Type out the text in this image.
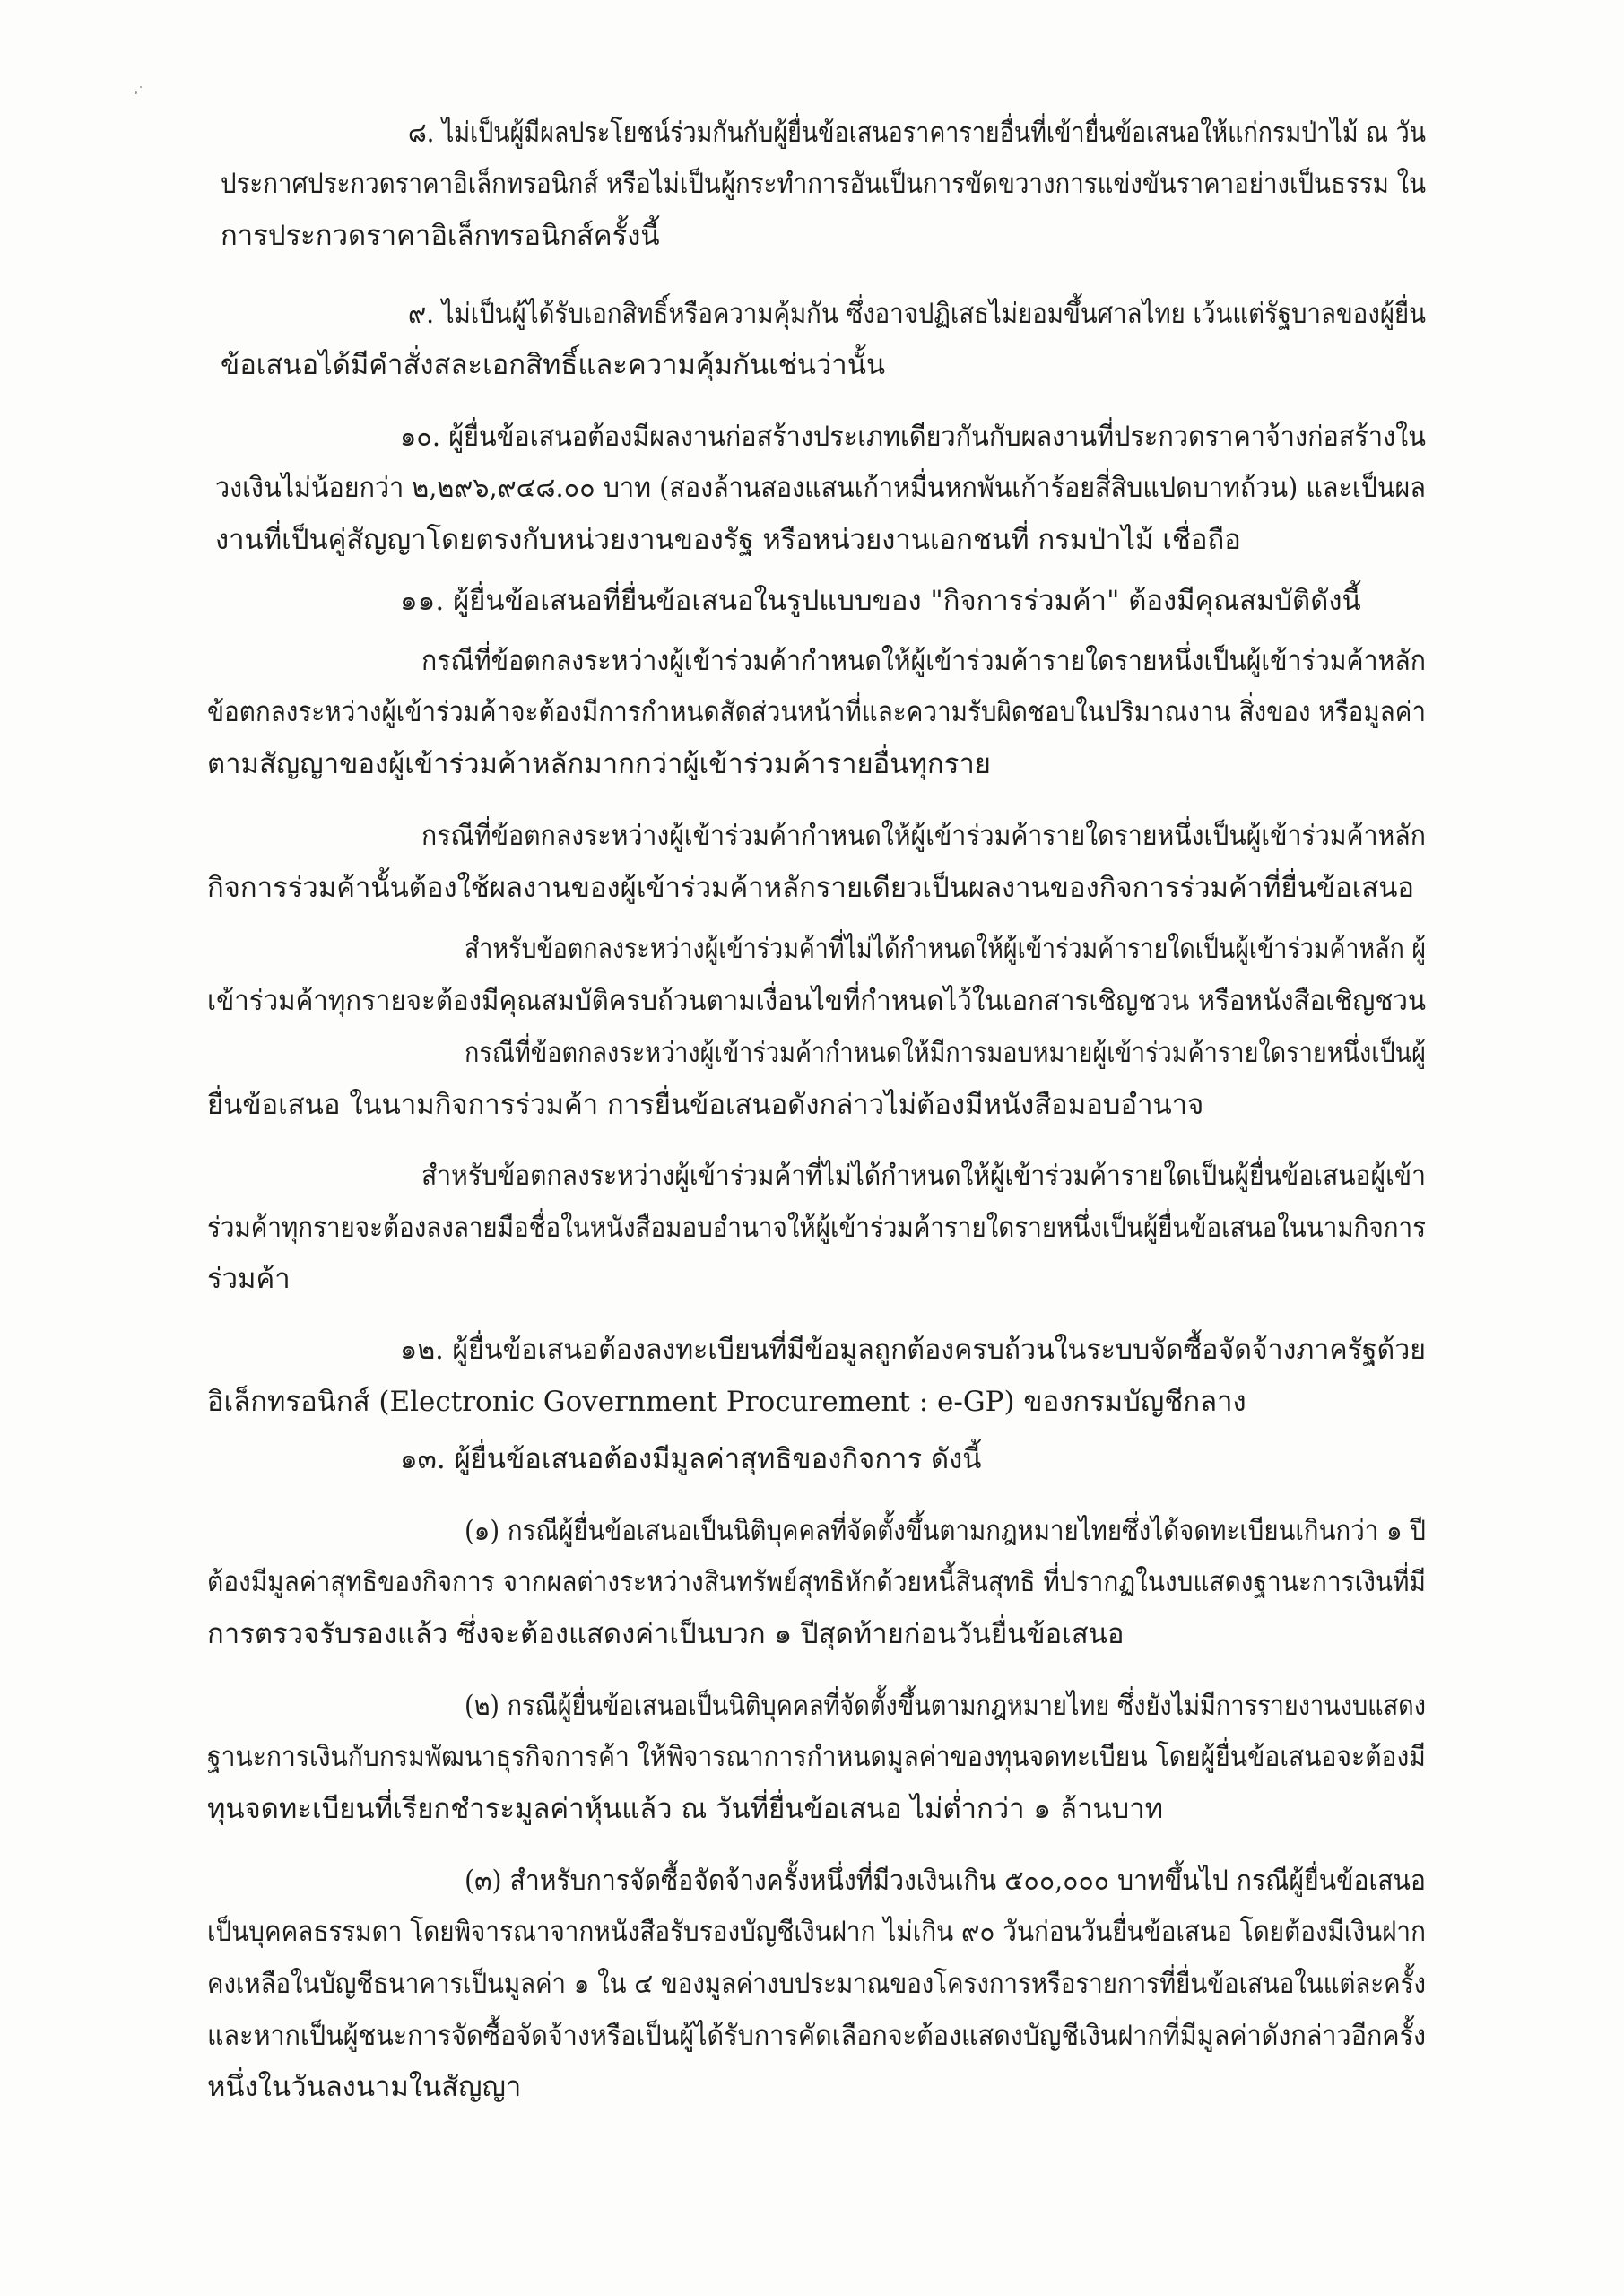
๘. ไม่เป็นผู้มีผลประโยชน์ร่วมกันกับผู้ยื่นข้อเสนอราคารายอื่นที่เข้ายื่นข้อเสนอให้แก่กรมป่าไม้ ณ วัน
ประกาศประกวดราคาอิเล็กทรอนิกส์ หรือไม่เป็นผู้กระทำการอันเป็นการขัดขวางการแข่งขันราคาอย่างเป็นธรรม ใน
การประกวดราคาอิเล็กทรอนิกส์ครั้งนี้
๙. ไม่เป็นผู้ได้รับเอกสิทธิ์หรือความคุ้มกัน ซึ่งอาจปฏิเสธไม่ยอมขึ้นศาลไทย เว้นแต่รัฐบาลของผู้ยื่น
ข้อเสนอได้มีคำสั่งสละเอกสิทธิ์และความคุ้มกันเช่นว่านั้น
๑๐. ผู้ยื่นข้อเสนอต้องมีผลงานก่อสร้างประเภทเดียวกันกับผลงานที่ประกวดราคาจ้างก่อสร้างใน
วงเงินไม่น้อยกว่า ๒,๒๙๖,๙๔๘.๐๐ บาท (สองล้านสองแสนเก้าหมื่นหกพันเก้าร้อยสี่สิบแปดบาทถ้วน) และเป็นผล
งานที่เป็นคู่สัญญาโดยตรงกับหน่วยงานของรัฐ หรือหน่วยงานเอกชนที่ กรมป่าไม้ เชื่อถือ
๑๑. ผู้ยื่นข้อเสนอที่ยื่นข้อเสนอในรูปแบบของ "กิจการร่วมค้า" ต้องมีคุณสมบัติดังนี้
กรณีที่ข้อตกลงระหว่างผู้เข้าร่วมค้ากำหนดให้ผู้เข้าร่วมค้ารายใดรายหนึ่งเป็นผู้เข้าร่วมค้าหลัก
ข้อตกลงระหว่างผู้เข้าร่วมค้าจะต้องมีการกำหนดสัดส่วนหน้าที่และความรับผิดชอบในปริมาณงาน สิ่งของ หรือมูลค่า
ตามสัญญาของผู้เข้าร่วมค้าหลักมากกว่าผู้เข้าร่วมค้ารายอื่นทุกราย
กรณีที่ข้อตกลงระหว่างผู้เข้าร่วมค้ากำหนดให้ผู้เข้าร่วมค้ารายใดรายหนึ่งเป็นผู้เข้าร่วมค้าหลัก
กิจการร่วมค้านั้นต้องใช้ผลงานของผู้เข้าร่วมค้าหลักรายเดียวเป็นผลงานของกิจการร่วมค้าที่ยื่นข้อเสนอ
สำหรับข้อตกลงระหว่างผู้เข้าร่วมค้าที่ไม่ได้กำหนดให้ผู้เข้าร่วมค้ารายใดเป็นผู้เข้าร่วมค้าหลัก ผู้
เข้าร่วมค้าทุกรายจะต้องมีคุณสมบัติครบถ้วนตามเงื่อนไขที่กำหนดไว้ในเอกสารเชิญชวน หรือหนังสือเชิญชวน
กรณีที่ข้อตกลงระหว่างผู้เข้าร่วมค้ากำหนดให้มีการมอบหมายผู้เข้าร่วมค้ารายใดรายหนึ่งเป็นผู้
ยื่นข้อเสนอ ในนามกิจการร่วมค้า การยื่นข้อเสนอดังกล่าวไม่ต้องมีหนังสือมอบอำนาจ
สำหรับข้อตกลงระหว่างผู้เข้าร่วมค้าที่ไม่ได้กำหนดให้ผู้เข้าร่วมค้ารายใดเป็นผู้ยื่นข้อเสนอผู้เข้า
ร่วมค้าทุกรายจะต้องลงลายมือชื่อในหนังสือมอบอำนาจให้ผู้เข้าร่วมค้ารายใดรายหนึ่งเป็นผู้ยื่นข้อเสนอในนามกิจการ
ร่วมค้า
๑๒. ผู้ยื่นข้อเสนอต้องลงทะเบียนที่มีข้อมูลถูกต้องครบถ้วนในระบบจัดซื้อจัดจ้างภาครัฐด้วย
อิเล็กทรอนิกส์ (Electronic Government Procurement : e-GP) ของกรมบัญชีกลาง
๑๓. ผู้ยื่นข้อเสนอต้องมีมูลค่าสุทธิของกิจการ ดังนี้
(๑) กรณีผู้ยื่นข้อเสนอเป็นนิติบุคคลที่จัดตั้งขึ้นตามกฎหมายไทยซึ่งได้จดทะเบียนเกินกว่า ๑ ปี
ต้องมีมูลค่าสุทธิของกิจการ จากผลต่างระหว่างสินทรัพย์สุทธิหักด้วยหนี้สินสุทธิ ที่ปรากฏในงบแสดงฐานะการเงินที่มี
การตรวจรับรองแล้ว ซึ่งจะต้องแสดงค่าเป็นบวก ๑ ปีสุดท้ายก่อนวันยื่นข้อเสนอ
(๒) กรณีผู้ยื่นข้อเสนอเป็นนิติบุคคลที่จัดตั้งขึ้นตามกฎหมายไทย ซึ่งยังไม่มีการรายงานงบแสดง
ฐานะการเงินกับกรมพัฒนาธุรกิจการค้า ให้พิจารณาการกำหนดมูลค่าของทุนจดทะเบียน โดยผู้ยื่นข้อเสนอจะต้องมี
ทุนจดทะเบียนที่เรียกชำระมูลค่าหุ้นแล้ว ณ วันที่ยื่นข้อเสนอ ไม่ต่ำกว่า ๑ ล้านบาท
(๓) สำหรับการจัดซื้อจัดจ้างครั้งหนึ่งที่มีวงเงินเกิน ๕๐๐,๐๐๐ บาทขึ้นไป กรณีผู้ยื่นข้อเสนอ
เป็นบุคคลธรรมดา โดยพิจารณาจากหนังสือรับรองบัญชีเงินฝาก ไม่เกิน ๙๐ วันก่อนวันยื่นข้อเสนอ โดยต้องมีเงินฝาก
คงเหลือในบัญชีธนาคารเป็นมูลค่า ๑ ใน ๔ ของมูลค่างบประมาณของโครงการหรือรายการที่ยื่นข้อเสนอในแต่ละครั้ง
และหากเป็นผู้ชนะการจัดซื้อจัดจ้างหรือเป็นผู้ได้รับการคัดเลือกจะต้องแสดงบัญชีเงินฝากที่มีมูลค่าดังกล่าวอีกครั้ง
หนึ่งในวันลงนามในสัญญา
